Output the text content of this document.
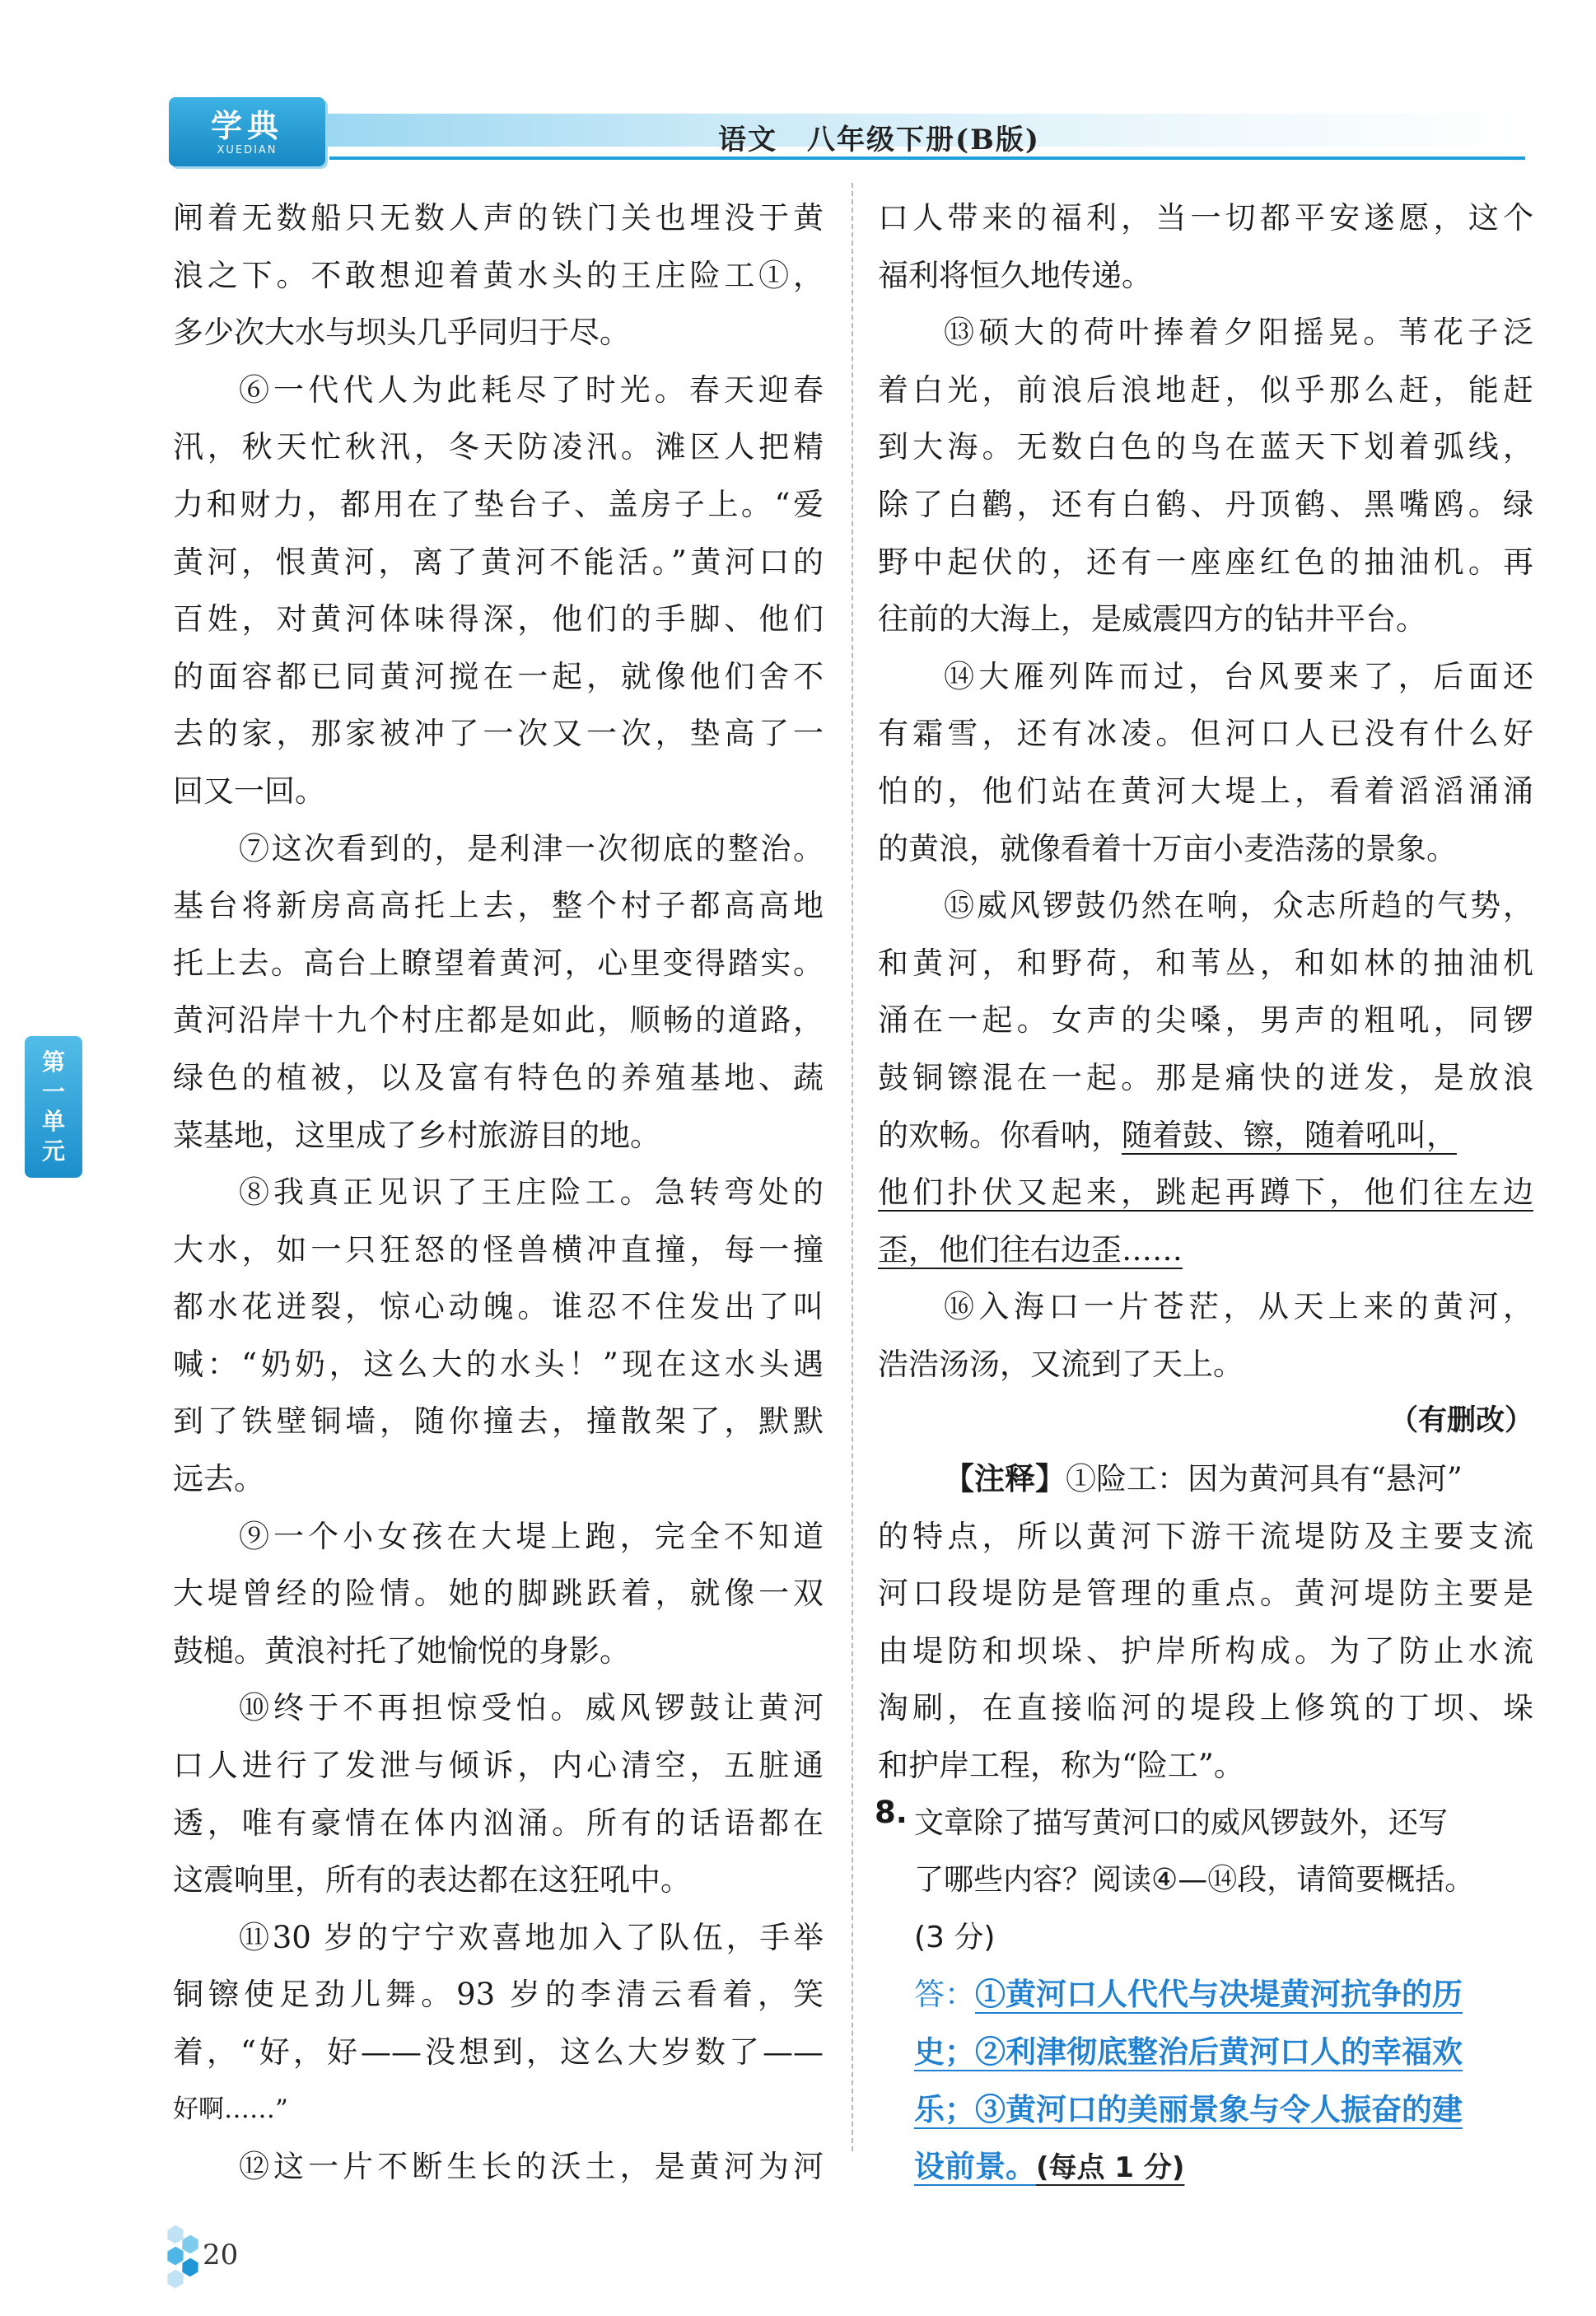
学典
XUEDIAN	语文　八年级下册(B版)
第
一
单
元
闸着无数船只无数人声的铁门关也埋没于黄
浪之下。不敢想迎着黄水头的王庄险工①，
多少次大水与坝头几乎同归于尽。
⑥一代代人为此耗尽了时光。春天迎春
汛，秋天忙秋汛，冬天防凌汛。滩区人把精
力和财力，都用在了垫台子、盖房子上。“爱
黄河，恨黄河，离了黄河不能活。”黄河口的
百姓，对黄河体味得深，他们的手脚、他们
的面容都已同黄河搅在一起，就像他们舍不
去的家，那家被冲了一次又一次，垫高了一
回又一回。
⑦这次看到的，是利津一次彻底的整治。
基台将新房高高托上去，整个村子都高高地
托上去。高台上瞭望着黄河，心里变得踏实。
黄河沿岸十九个村庄都是如此，顺畅的道路，
绿色的植被，以及富有特色的养殖基地、蔬
菜基地，这里成了乡村旅游目的地。
⑧我真正见识了王庄险工。急转弯处的
大水，如一只狂怒的怪兽横冲直撞，每一撞
都水花迸裂，惊心动魄。谁忍不住发出了叫
喊：“奶奶，这么大的水头！”现在这水头遇
到了铁壁铜墙，随你撞去，撞散架了，默默
远去。
⑨一个小女孩在大堤上跑，完全不知道
大堤曾经的险情。她的脚跳跃着，就像一双
鼓槌。黄浪衬托了她愉悦的身影。
⑩终于不再担惊受怕。威风锣鼓让黄河
口人进行了发泄与倾诉，内心清空，五脏通
透，唯有豪情在体内汹涌。所有的话语都在
这震响里，所有的表达都在这狂吼中。
⑪30 岁的宁宁欢喜地加入了队伍，手举
铜镲使足劲儿舞。93 岁的李清云看着，笑
着，“好，好——没想到，这么大岁数了——
好啊……”
⑫这一片不断生长的沃土，是黄河为河
口人带来的福利，当一切都平安遂愿，这个
福利将恒久地传递。
⑬硕大的荷叶捧着夕阳摇晃。苇花子泛
着白光，前浪后浪地赶，似乎那么赶，能赶
到大海。无数白色的鸟在蓝天下划着弧线，
除了白鹳，还有白鹤、丹顶鹤、黑嘴鸥。绿
野中起伏的，还有一座座红色的抽油机。再
往前的大海上，是威震四方的钻井平台。
⑭大雁列阵而过，台风要来了，后面还
有霜雪，还有冰凌。但河口人已没有什么好
怕的，他们站在黄河大堤上，看着滔滔涌涌
的黄浪，就像看着十万亩小麦浩荡的景象。
⑮威风锣鼓仍然在响，众志所趋的气势，
和黄河，和野荷，和苇丛，和如林的抽油机
涌在一起。女声的尖嗓，男声的粗吼，同锣
鼓铜镲混在一起。那是痛快的迸发，是放浪
的欢畅。你看呐，随着鼓、镲，随着吼叫，
他们扑伏又起来，跳起再蹲下，他们往左边
歪，他们往右边歪……
⑯入海口一片苍茫，从天上来的黄河，
浩浩汤汤，又流到了天上。
（有删改）
【注释】①险工：因为黄河具有“悬河”
的特点，所以黄河下游干流堤防及主要支流
河口段堤防是管理的重点。黄河堤防主要是
由堤防和坝垛、护岸所构成。为了防止水流
淘刷，在直接临河的堤段上修筑的丁坝、垛
和护岸工程，称为“险工”。
8. 文章除了描写黄河口的威风锣鼓外，还写
了哪些内容？阅读④—⑭段，请简要概括。
(3 分)
答：①黄河口人代代与决堤黄河抗争的历
史；②利津彻底整治后黄河口人的幸福欢
乐；③黄河口的美丽景象与令人振奋的建
设前景。(每点 1 分)
20
